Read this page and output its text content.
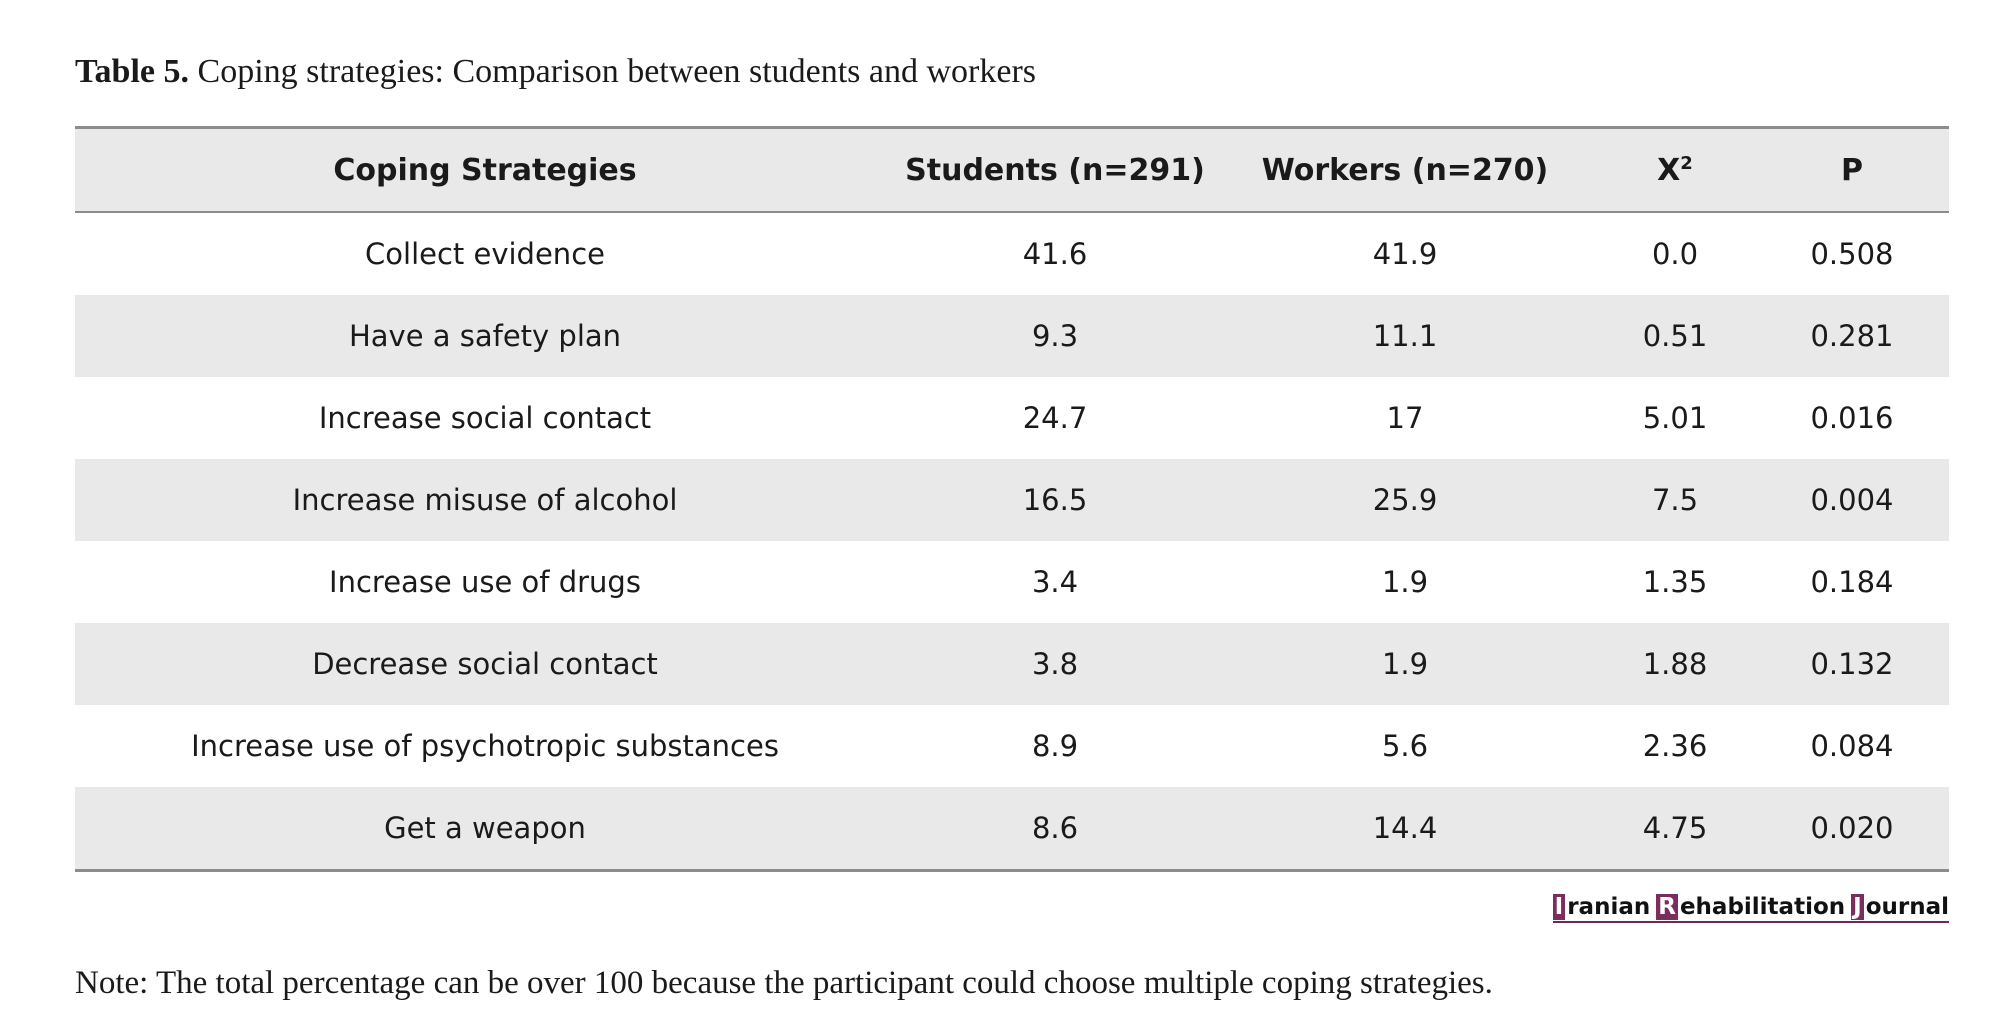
Table 5. Coping strategies: Comparison between students and workers
Coping Strategies	Students (n=291)	Workers (n=270)	$X^2$	P
Collect evidence	41.6	41.9	0.0	0.508
Have a safety plan	9.3	11.1	0.51	0.281
Increase social contact	24.7	17	5.01	0.016
Increase misuse of alcohol	16.5	25.9	7.5	0.004
Increase use of drugs	3.4	1.9	1.35	0.184
Decrease social contact	3.8	1.9	1.88	0.132
Increase use of psychotropic substances	8.9	5.6	2.36	0.084
Get a weapon	8.6	14.4	4.75	0.020
I ranian R ehabilitation J ournal
Note: The total percentage can be over 100 because the participant could choose multiple coping strategies.
